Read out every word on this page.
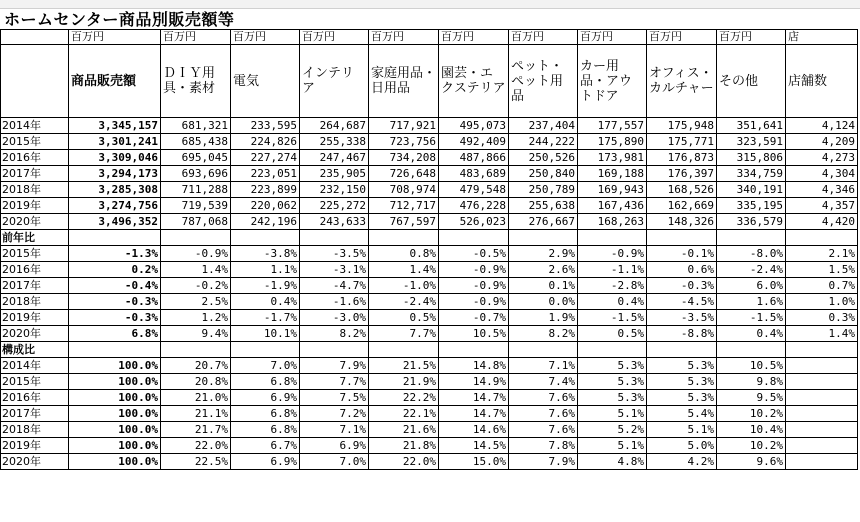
ホームセンター商品別販売額等
	百万円	百万円	百万円	百万円	百万円	百万円	百万円	百万円	百万円	百万円	店
	商品販売額	ＤＩＹ用具・素材	電気	インテリア	家庭用品・日用品	園芸・エクステリア	ペット・ペット用品	カー用品・アウトドア	オフィス・カルチャー	その他	店舗数
2014年	3,345,157	681,321	233,595	264,687	717,921	495,073	237,404	177,557	175,948	351,641	4,124
2015年	3,301,241	685,438	224,826	255,338	723,756	492,409	244,222	175,890	175,771	323,591	4,209
2016年	3,309,046	695,045	227,274	247,467	734,208	487,866	250,526	173,981	176,873	315,806	4,273
2017年	3,294,173	693,696	223,051	235,905	726,648	483,689	250,840	169,188	176,397	334,759	4,304
2018年	3,285,308	711,288	223,899	232,150	708,974	479,548	250,789	169,943	168,526	340,191	4,346
2019年	3,274,756	719,539	220,062	225,272	712,717	476,228	255,638	167,436	162,669	335,195	4,357
2020年	3,496,352	787,068	242,196	243,633	767,597	526,023	276,667	168,263	148,326	336,579	4,420
前年比											
2015年	-1.3%	-0.9%	-3.8%	-3.5%	0.8%	-0.5%	2.9%	-0.9%	-0.1%	-8.0%	2.1%
2016年	0.2%	1.4%	1.1%	-3.1%	1.4%	-0.9%	2.6%	-1.1%	0.6%	-2.4%	1.5%
2017年	-0.4%	-0.2%	-1.9%	-4.7%	-1.0%	-0.9%	0.1%	-2.8%	-0.3%	6.0%	0.7%
2018年	-0.3%	2.5%	0.4%	-1.6%	-2.4%	-0.9%	0.0%	0.4%	-4.5%	1.6%	1.0%
2019年	-0.3%	1.2%	-1.7%	-3.0%	0.5%	-0.7%	1.9%	-1.5%	-3.5%	-1.5%	0.3%
2020年	6.8%	9.4%	10.1%	8.2%	7.7%	10.5%	8.2%	0.5%	-8.8%	0.4%	1.4%
構成比											
2014年	100.0%	20.7%	7.0%	7.9%	21.5%	14.8%	7.1%	5.3%	5.3%	10.5%	
2015年	100.0%	20.8%	6.8%	7.7%	21.9%	14.9%	7.4%	5.3%	5.3%	9.8%	
2016年	100.0%	21.0%	6.9%	7.5%	22.2%	14.7%	7.6%	5.3%	5.3%	9.5%	
2017年	100.0%	21.1%	6.8%	7.2%	22.1%	14.7%	7.6%	5.1%	5.4%	10.2%	
2018年	100.0%	21.7%	6.8%	7.1%	21.6%	14.6%	7.6%	5.2%	5.1%	10.4%	
2019年	100.0%	22.0%	6.7%	6.9%	21.8%	14.5%	7.8%	5.1%	5.0%	10.2%	
2020年	100.0%	22.5%	6.9%	7.0%	22.0%	15.0%	7.9%	4.8%	4.2%	9.6%	
